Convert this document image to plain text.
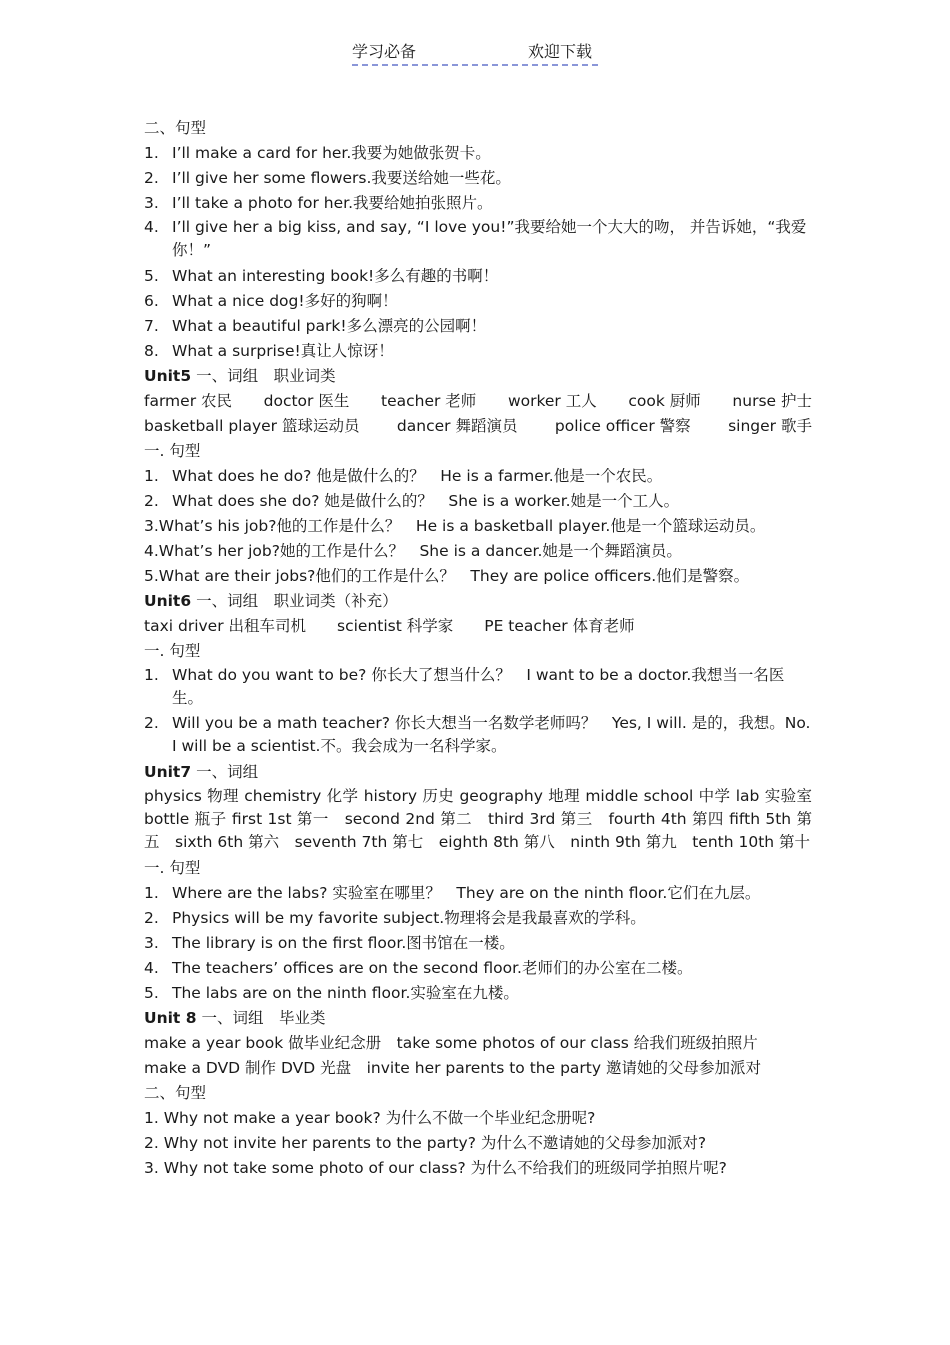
学习必备	欢迎下载
二、句型
1. I’ll make a card for her.我要为她做张贺卡。
2. I’ll give her some flowers.我要送给她一些花。
3. I’ll take a photo for her.我要给她拍张照片。
4. I’ll give her a big kiss, and say, “I love you!”我要给她一个大大的吻， 并告诉她，“我爱你！”
5. What an interesting book!多么有趣的书啊！
6. What a nice dog!多好的狗啊！
7. What a beautiful park!多么漂亮的公园啊！
8. What a surprise!真让人惊讶！
Unit5 一、词组　职业词类
farmer 农民 doctor 医生 teacher 老师 worker 工人 cook 厨师 nurse 护士
basketball player 篮球运动员 dancer 舞蹈演员 police officer 警察 singer 歌手
一. 句型
1. What does he do? 他是做什么的？　He is a farmer.他是一个农民。
2. What does she do? 她是做什么的？　She is a worker.她是一个工人。
3.What’s his job?他的工作是什么？　He is a basketball player.他是一个篮球运动员。
4.What’s her job?她的工作是什么？　She is a dancer.她是一个舞蹈演员。
5.What are their jobs?他们的工作是什么？　They are police officers.他们是警察。
Unit6 一、词组　职业词类（补充）
taxi driver 出租车司机　　scientist 科学家　　PE teacher 体育老师
一. 句型
1. What do you want to be? 你长大了想当什么？　I want to be a doctor.我想当一名医生。
2. Will you be a math teacher? 你长大想当一名数学老师吗？　Yes, I will. 是的，我想。No. I will be a scientist.不。我会成为一名科学家。
Unit7 一、词组
physics 物理 chemistry 化学 history 历史 geography 地理 middle school 中学 lab 实验室　bottle 瓶子 first 1st 第一　second 2nd 第二　third 3rd 第三　fourth 4th 第四 fifth 5th 第五　sixth 6th 第六　seventh 7th 第七　eighth 8th 第八　ninth 9th 第九　tenth 10th 第十
一. 句型
1. Where are the labs? 实验室在哪里？　They are on the ninth floor.它们在九层。
2. Physics will be my favorite subject.物理将会是我最喜欢的学科。
3. The library is on the first floor.图书馆在一楼。
4. The teachers’ offices are on the second floor.老师们的办公室在二楼。
5. The labs are on the ninth floor.实验室在九楼。
Unit 8 一、词组　毕业类
make a year book 做毕业纪念册　take some photos of our class 给我们班级拍照片
make a DVD 制作 DVD 光盘　invite her parents to the party 邀请她的父母参加派对
二、句型
1. Why not make a year book? 为什么不做一个毕业纪念册呢?
2. Why not invite her parents to the party? 为什么不邀请她的父母参加派对?
3. Why not take some photo of our class? 为什么不给我们的班级同学拍照片呢?
